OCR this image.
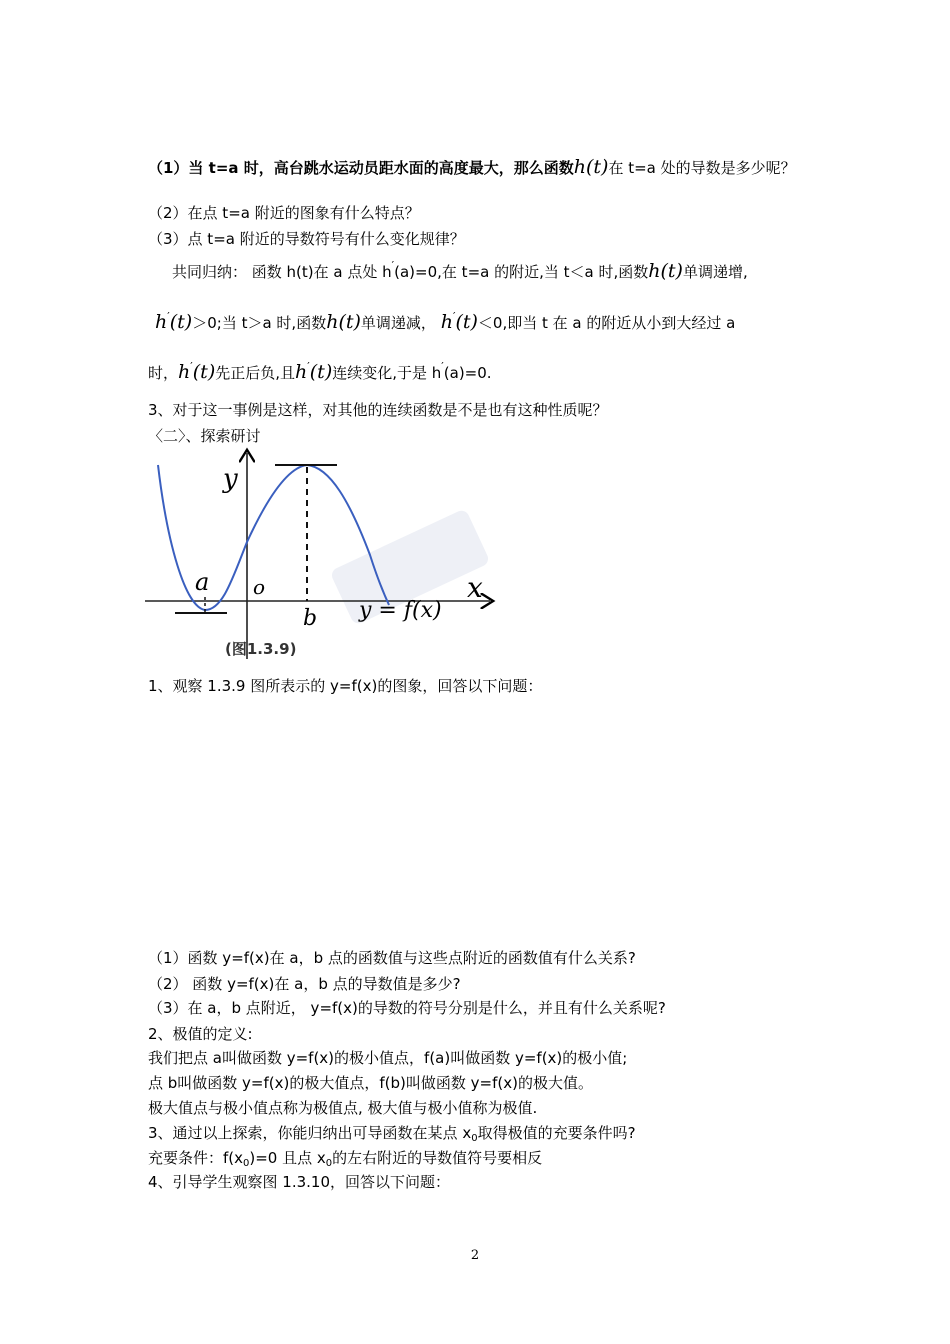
（1）当 t=a 时，高台跳水运动员距水面的高度最大，那么函数h(t)在 t=a 处的导数是多少呢？
（2）在点 t=a 附近的图象有什么特点？
（3）点 t=a 附近的导数符号有什么变化规律？
共同归纳： 函数 h(t)在 a 点处 h′(a)=0,在 t=a 的附近,当 t＜a 时,函数h(t)单调递增,
h′(t)＞0;当 t＞a 时,函数h(t)单调递减， h′(t)＜0,即当 t 在 a 的附近从小到大经过 a
时，h′(t)先正后负,且h′(t)连续变化,于是 h′(a)=0.
3、对于这一事例是这样，对其他的连续函数是不是也有这种性质呢？
〈二〉、探索研讨
y
x
a o
b y = f(x)
(图1.3.9)
1、观察 1.3.9 图所表示的 y=f(x)的图象，回答以下问题：
（1）函数 y=f(x)在 a，b 点的函数值与这些点附近的函数值有什么关系?
（2） 函数 y=f(x)在 a，b 点的导数值是多少?
（3）在 a，b 点附近， y=f(x)的导数的符号分别是什么，并且有什么关系呢?
2、极值的定义:
我们把点 a叫做函数 y=f(x)的极小值点，f(a)叫做函数 y=f(x)的极小值;
点 b叫做函数 y=f(x)的极大值点，f(b)叫做函数 y=f(x)的极大值。
极大值点与极小值点称为极值点, 极大值与极小值称为极值.
3、通过以上探索，你能归纳出可导函数在某点 $x_0$取得极值的充要条件吗?
充要条件：$f(x_0)=0$ 且点 $x_0$的左右附近的导数值符号要相反
4、引导学生观察图 1.3.10，回答以下问题：
2
